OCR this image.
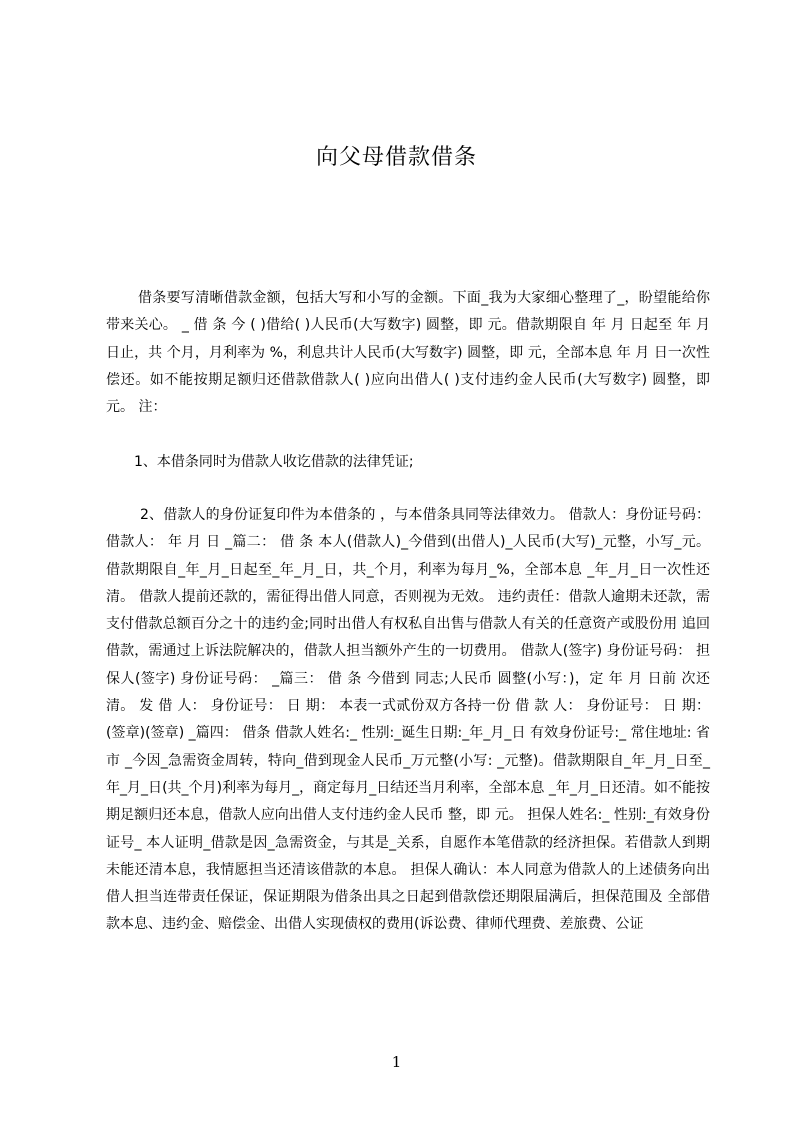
向父母借款借条
借条要写清晰借款金额，包括大写和小写的金额。下面_我为大家细心整理了_，盼望能给你带来关心。 _ 借 条 今 ( )借给( )人民币(大写数字) 圆整，即 元。借款期限自 年 月 日起至 年 月 日止，共 个月，月利率为 %，利息共计人民币(大写数字) 圆整，即 元，全部本息 年 月 日一次性偿还。如不能按期足额归还借款借款人( )应向出借人( )支付违约金人民币(大写数字) 圆整，即 元。 注：
1、本借条同时为借款人收讫借款的法律凭证;
2、借款人的身份证复印件为本借条的 ，与本借条具同等法律效力。 借款人：身份证号码： 借款人： 年 月 日 _篇二： 借 条 本人(借款人)_今借到(出借人)_人民币(大写)_元整，小写_元。 借款期限自_年_月_日起至_年_月_日，共_个月，利率为每月_%，全部本息 _年_月_日一次性还清。 借款人提前还款的，需征得出借人同意，否则视为无效。 违约责任：借款人逾期未还款，需支付借款总额百分之十的违约金;同时出借人有权私自出售与借款人有关的任意资产或股份用 追回借款，需通过上诉法院解决的，借款人担当额外产生的一切费用。 借款人(签字) 身份证号码： 担保人(签字) 身份证号码： _篇三： 借 条 今借到 同志;人民币 圆整(小写：)，定 年 月 日前 次还清。 发 借 人： 身份证号： 日 期： 本表一式贰份双方各持一份 借 款 人： 身份证号： 日 期： (签章)(签章) _篇四： 借条 借款人姓名:_ 性别:_诞生日期:_年_月_日 有效身份证号:_ 常住地址: 省 市 _今因_急需资金周转，特向_借到现金人民币_万元整(小写: _元整)。借款期限自_年_月_日至_年_月_日(共_个月)利率为每月_，商定每月_日结还当月利率，全部本息 _年_月_日还清。如不能按期足额归还本息，借款人应向出借人支付违约金人民币 整，即 元。 担保人姓名:_ 性别:_有效身份证号_ 本人证明_借款是因_急需资金，与其是_关系，自愿作本笔借款的经济担保。若借款人到期未能还清本息，我情愿担当还清该借款的本息。 担保人确认：本人同意为借款人的上述债务向出借人担当连带责任保证，保证期限为借条出具之日起到借款偿还期限届满后，担保范围及 全部借款本息、违约金、赔偿金、出借人实现债权的费用(诉讼费、律师代理费、差旅费、公证
1
